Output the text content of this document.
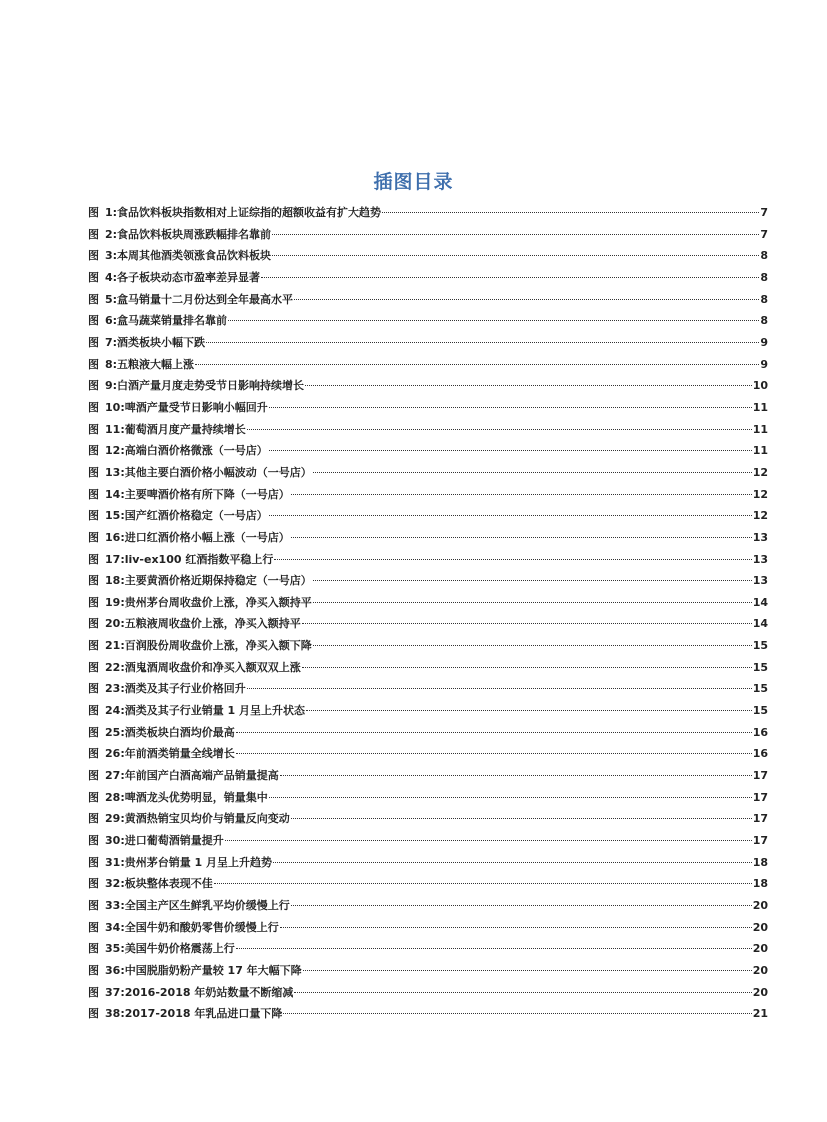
插图目录
图 1 :食品饮料板块指数相对上证综指的超额收益有扩大趋势	7
图 2 :食品饮料板块周涨跌幅排名靠前	7
图 3 :本周其他酒类领涨食品饮料板块	8
图 4 :各子板块动态市盈率差异显著	8
图 5 :盒马销量十二月份达到全年最高水平	8
图 6 :盒马蔬菜销量排名靠前	8
图 7 :酒类板块小幅下跌	9
图 8 :五粮液大幅上涨	9
图 9 :白酒产量月度走势受节日影响持续增长	10
图 10 :啤酒产量受节日影响小幅回升	11
图 11 :葡萄酒月度产量持续增长	11
图 12 :高端白酒价格微涨（一号店）	11
图 13 :其他主要白酒价格小幅波动（一号店）	12
图 14 :主要啤酒价格有所下降（一号店）	12
图 15 :国产红酒价格稳定（一号店）	12
图 16 :进口红酒价格小幅上涨（一号店）	13
图 17 :liv-ex100 红酒指数平稳上行	13
图 18 :主要黄酒价格近期保持稳定（一号店）	13
图 19 :贵州茅台周收盘价上涨，净买入额持平	14
图 20 :五粮液周收盘价上涨，净买入额持平	14
图 21 :百润股份周收盘价上涨，净买入额下降	15
图 22 :酒鬼酒周收盘价和净买入额双双上涨	15
图 23 :酒类及其子行业价格回升	15
图 24 :酒类及其子行业销量 1 月呈上升状态	15
图 25 :酒类板块白酒均价最高	16
图 26 :年前酒类销量全线增长	16
图 27 :年前国产白酒高端产品销量提高	17
图 28 :啤酒龙头优势明显，销量集中	17
图 29 :黄酒热销宝贝均价与销量反向变动	17
图 30 :进口葡萄酒销量提升	17
图 31 :贵州茅台销量 1 月呈上升趋势	18
图 32 :板块整体表现不佳	18
图 33 :全国主产区生鲜乳平均价缓慢上行	20
图 34 :全国牛奶和酸奶零售价缓慢上行	20
图 35 :美国牛奶价格震荡上行	20
图 36 :中国脱脂奶粉产量较 17 年大幅下降	20
图 37 :2016-2018 年奶站数量不断缩减	20
图 38 :2017-2018 年乳品进口量下降	21
